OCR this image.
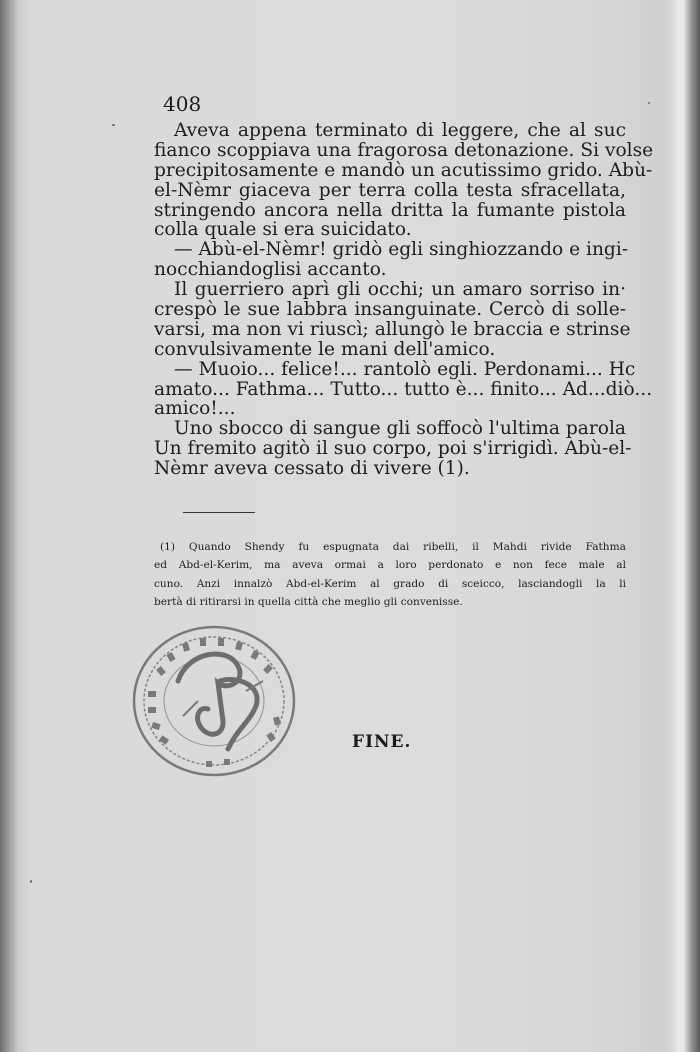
408
Aveva appena terminato di leggere, che al suc
fianco scoppiava una fragorosa detonazione. Si volse
precipitosamente e mandò un acutissimo grido. Abù-
el-Nèmr giaceva per terra colla testa sfracellata,
stringendo ancora nella dritta la fumante pistola
colla quale si era suicidato.
— Abù-el-Nèmr! gridò egli singhiozzando e ingi-
nocchiandoglisi accanto.
Il guerriero aprì gli occhi; un amaro sorriso in·
crespò le sue labbra insanguinate. Cercò di solle-
varsi, ma non vi riuscì; allungò le braccia e strinse
convulsivamente le mani dell'amico.
— Muoio... felice!... rantolò egli. Perdonami... Hc
amato... Fathma... Tutto... tutto è... finito... Ad...diò...
amico!...
Uno sbocco di sangue gli soffocò l'ultima parola
Un fremito agitò il suo corpo, poi s'irrigidì. Abù-el-
Nèmr aveva cessato di vivere (1).
(1) Quando Shendy fu espugnata dai ribelli, il Mahdi rivide Fathma
ed Abd-el-Kerim, ma aveva ormai a loro perdonato e non fece male al
cuno. Anzi innalzò Abd-el-Kerim al grado di sceicco, lasciandogli la li
bertà di ritirarsi in quella città che meglio gli convenisse.
FINE.
